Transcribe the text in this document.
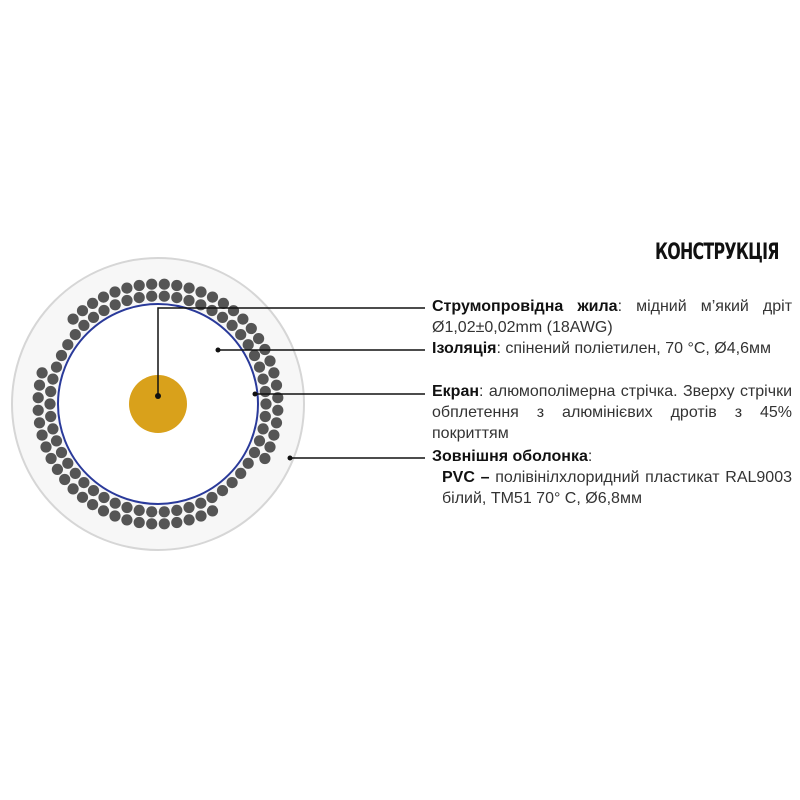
КОНСТРУКЦІЯ
Струмопровідна жила: мідний м’який дріт Ø1,02±0,02mm (18AWG)
Ізоляція: спінений поліетилен, 70 °С, Ø4,6мм
Екран: алюмополімерна стрічка. Зверху стрічки обплетення з алюмінієвих дротів з 45% покриттям
Зовнішня оболонка:
PVC – полівінілхлоридний пластикат RAL9003 білий, ТМ51 70° С, Ø6,8мм
